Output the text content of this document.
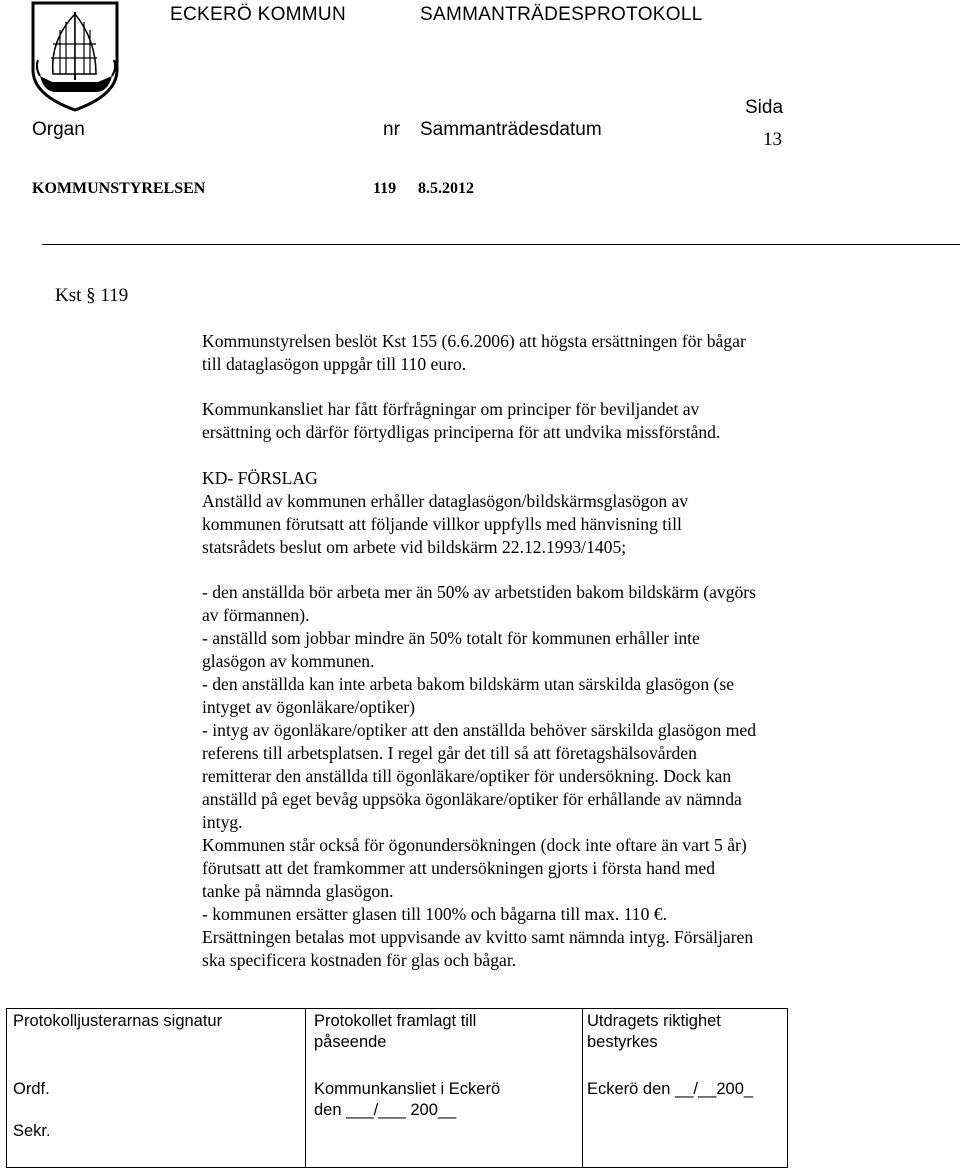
ECKERÖ KOMMUN	SAMMANTRÄDESPROTOKOLL
Organ	nr Sammanträdesdatum
Sida
13
KOMMUNSTYRELSEN	119 8.5.2012
Kst § 119
Kommunstyrelsen beslöt Kst 155 (6.6.2006) att högsta ersättningen för bågar
till dataglasögon uppgår till 110 euro.
Kommunkansliet har fått förfrågningar om principer för beviljandet av
ersättning och därför förtydligas principerna för att undvika missförstånd.
KD- FÖRSLAG
Anställd av kommunen erhåller dataglasögon/bildskärmsglasögon av
kommunen förutsatt att följande villkor uppfylls med hänvisning till
statsrådets beslut om arbete vid bildskärm 22.12.1993/1405;
- den anställda bör arbeta mer än 50% av arbetstiden bakom bildskärm (avgörs
av förmannen).
- anställd som jobbar mindre än 50% totalt för kommunen erhåller inte
glasögon av kommunen.
- den anställda kan inte arbeta bakom bildskärm utan särskilda glasögon (se
intyget av ögonläkare/optiker)
- intyg av ögonläkare/optiker att den anställda behöver särskilda glasögon med
referens till arbetsplatsen. I regel går det till så att företagshälsovården
remitterar den anställda till ögonläkare/optiker för undersökning. Dock kan
anställd på eget bevåg uppsöka ögonläkare/optiker för erhållande av nämnda
intyg.
Kommunen står också för ögonundersökningen (dock inte oftare än vart 5 år)
förutsatt att det framkommer att undersökningen gjorts i första hand med
tanke på nämnda glasögon.
- kommunen ersätter glasen till 100% och bågarna till max. 110 €.
Ersättningen betalas mot uppvisande av kvitto samt nämnda intyg. Försäljaren
ska specificera kostnaden för glas och bågar.
Protokolljusterarnas signatur
Ordf.
Sekr.

Protokollet framlagt till
påseende
Kommunkansliet i Eckerö
den ___/___ 200__

Utdragets riktighet
bestyrkes
Eckerö den __/__200_
